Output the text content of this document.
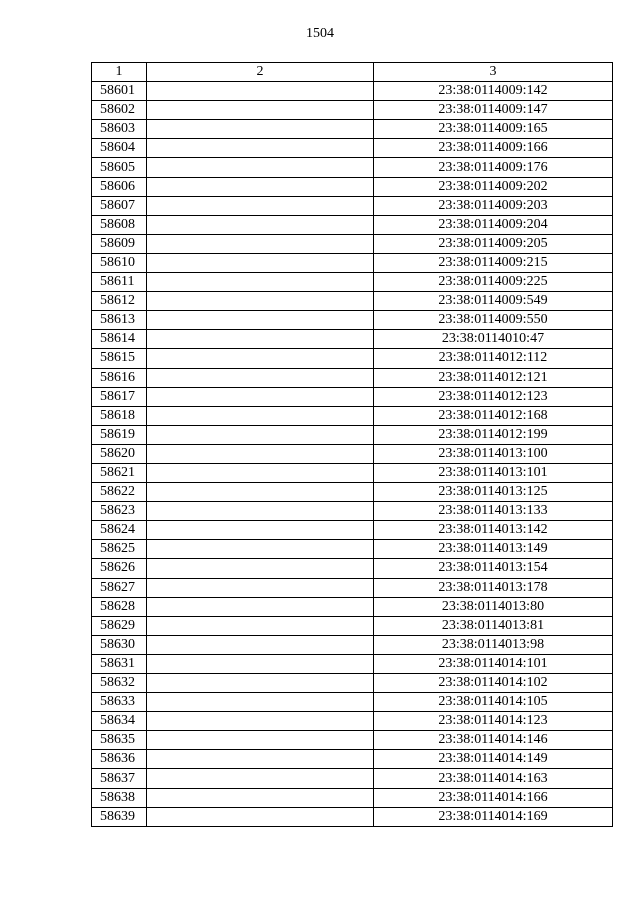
1504
1	2	3
58601		23:38:0114009:142
58602		23:38:0114009:147
58603		23:38:0114009:165
58604		23:38:0114009:166
58605		23:38:0114009:176
58606		23:38:0114009:202
58607		23:38:0114009:203
58608		23:38:0114009:204
58609		23:38:0114009:205
58610		23:38:0114009:215
58611		23:38:0114009:225
58612		23:38:0114009:549
58613		23:38:0114009:550
58614		23:38:0114010:47
58615		23:38:0114012:112
58616		23:38:0114012:121
58617		23:38:0114012:123
58618		23:38:0114012:168
58619		23:38:0114012:199
58620		23:38:0114013:100
58621		23:38:0114013:101
58622		23:38:0114013:125
58623		23:38:0114013:133
58624		23:38:0114013:142
58625		23:38:0114013:149
58626		23:38:0114013:154
58627		23:38:0114013:178
58628		23:38:0114013:80
58629		23:38:0114013:81
58630		23:38:0114013:98
58631		23:38:0114014:101
58632		23:38:0114014:102
58633		23:38:0114014:105
58634		23:38:0114014:123
58635		23:38:0114014:146
58636		23:38:0114014:149
58637		23:38:0114014:163
58638		23:38:0114014:166
58639		23:38:0114014:169
